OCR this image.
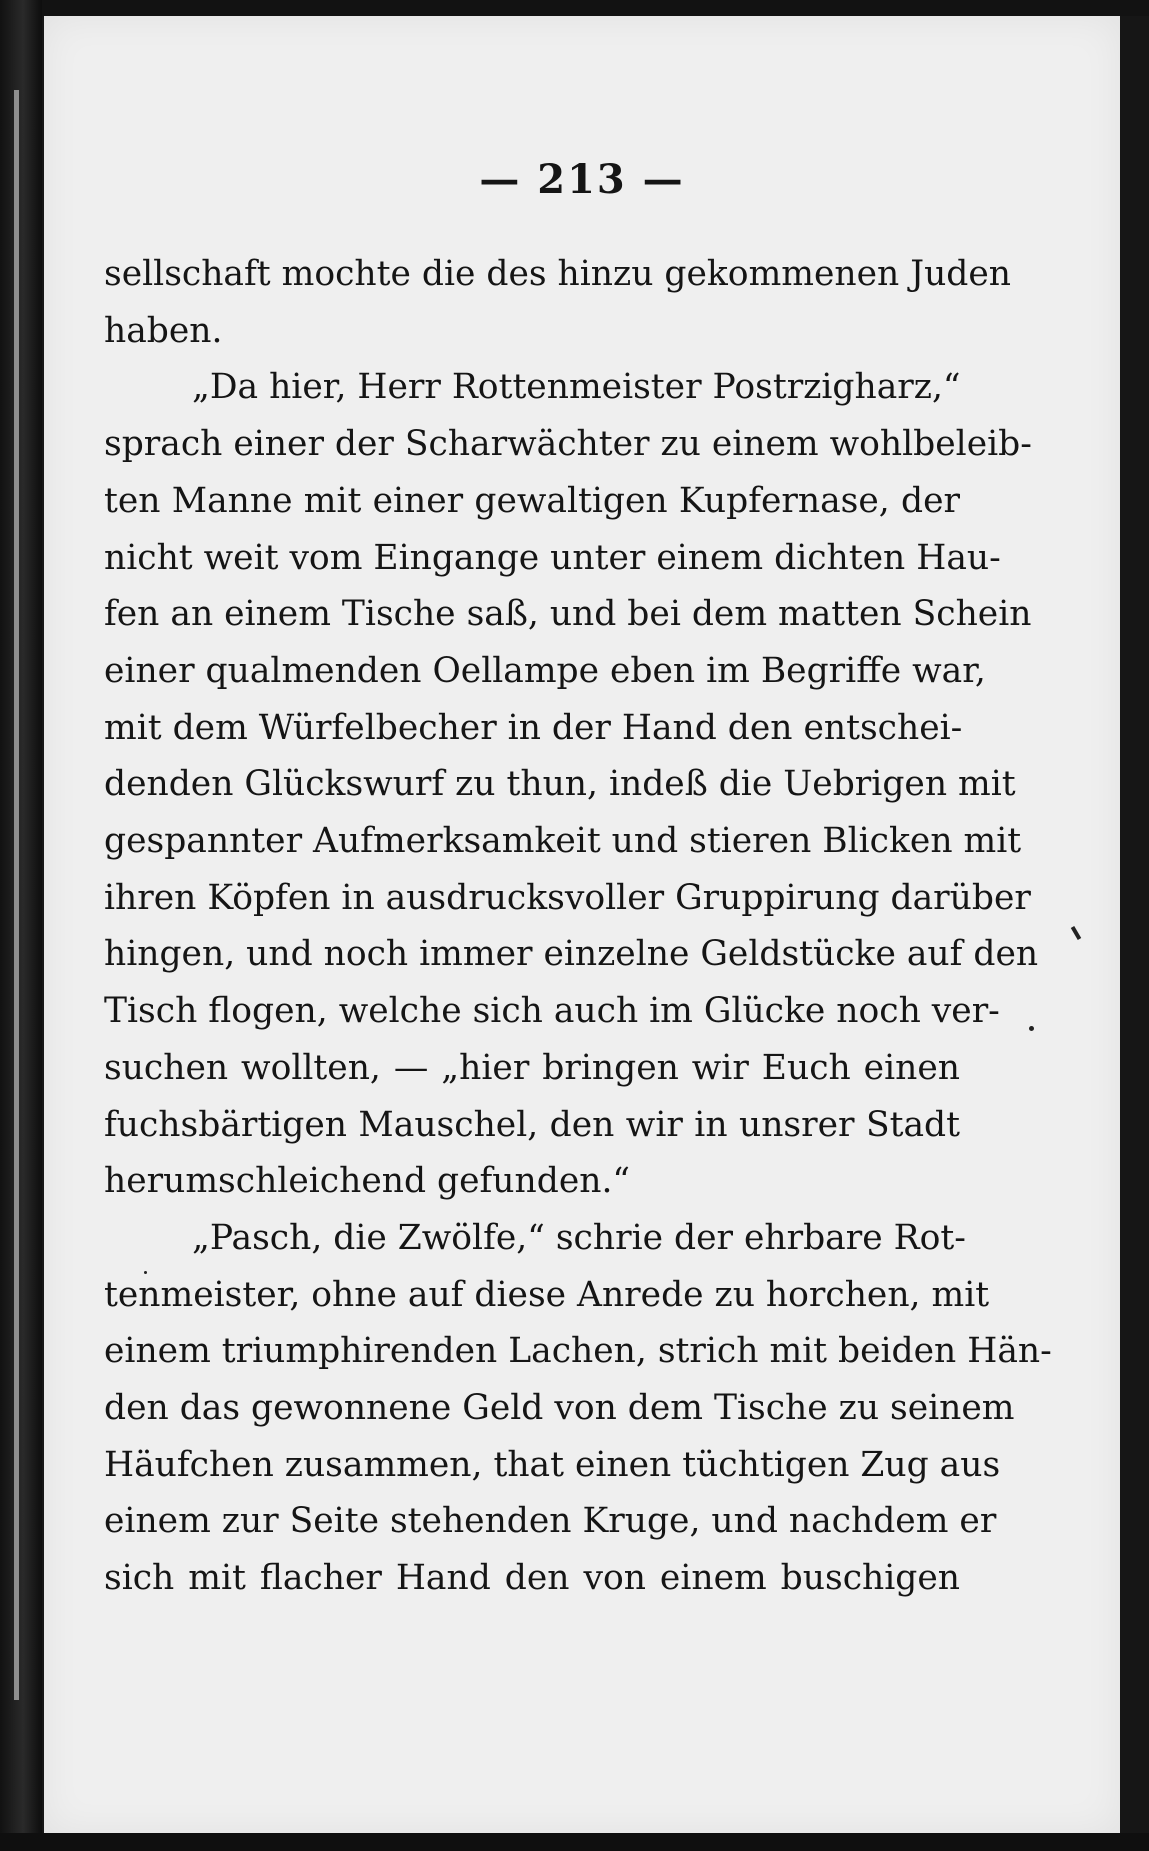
— 213 —
sellschaft mochte die des hinzu gekommenen Juden
haben.
„Da hier, Herr Rottenmeister Postrzigharz,“
sprach einer der Scharwächter zu einem wohlbeleib-
ten Manne mit einer gewaltigen Kupfernase, der
nicht weit vom Eingange unter einem dichten Hau-
fen an einem Tische saß, und bei dem matten Schein
einer qualmenden Oellampe eben im Begriffe war,
mit dem Würfelbecher in der Hand den entschei-
denden Glückswurf zu thun, indeß die Uebrigen mit
gespannter Aufmerksamkeit und stieren Blicken mit
ihren Köpfen in ausdrucksvoller Gruppirung darüber
hingen, und noch immer einzelne Geldstücke auf den
Tisch flogen, welche sich auch im Glücke noch ver-
suchen wollten, — „hier bringen wir Euch einen
fuchsbärtigen Mauschel, den wir in unsrer Stadt
herumschleichend gefunden.“
„Pasch, die Zwölfe,“ schrie der ehrbare Rot-
tenmeister, ohne auf diese Anrede zu horchen, mit
einem triumphirenden Lachen, strich mit beiden Hän-
den das gewonnene Geld von dem Tische zu seinem
Häufchen zusammen, that einen tüchtigen Zug aus
einem zur Seite stehenden Kruge, und nachdem er
sich mit flacher Hand den von einem buschigen
